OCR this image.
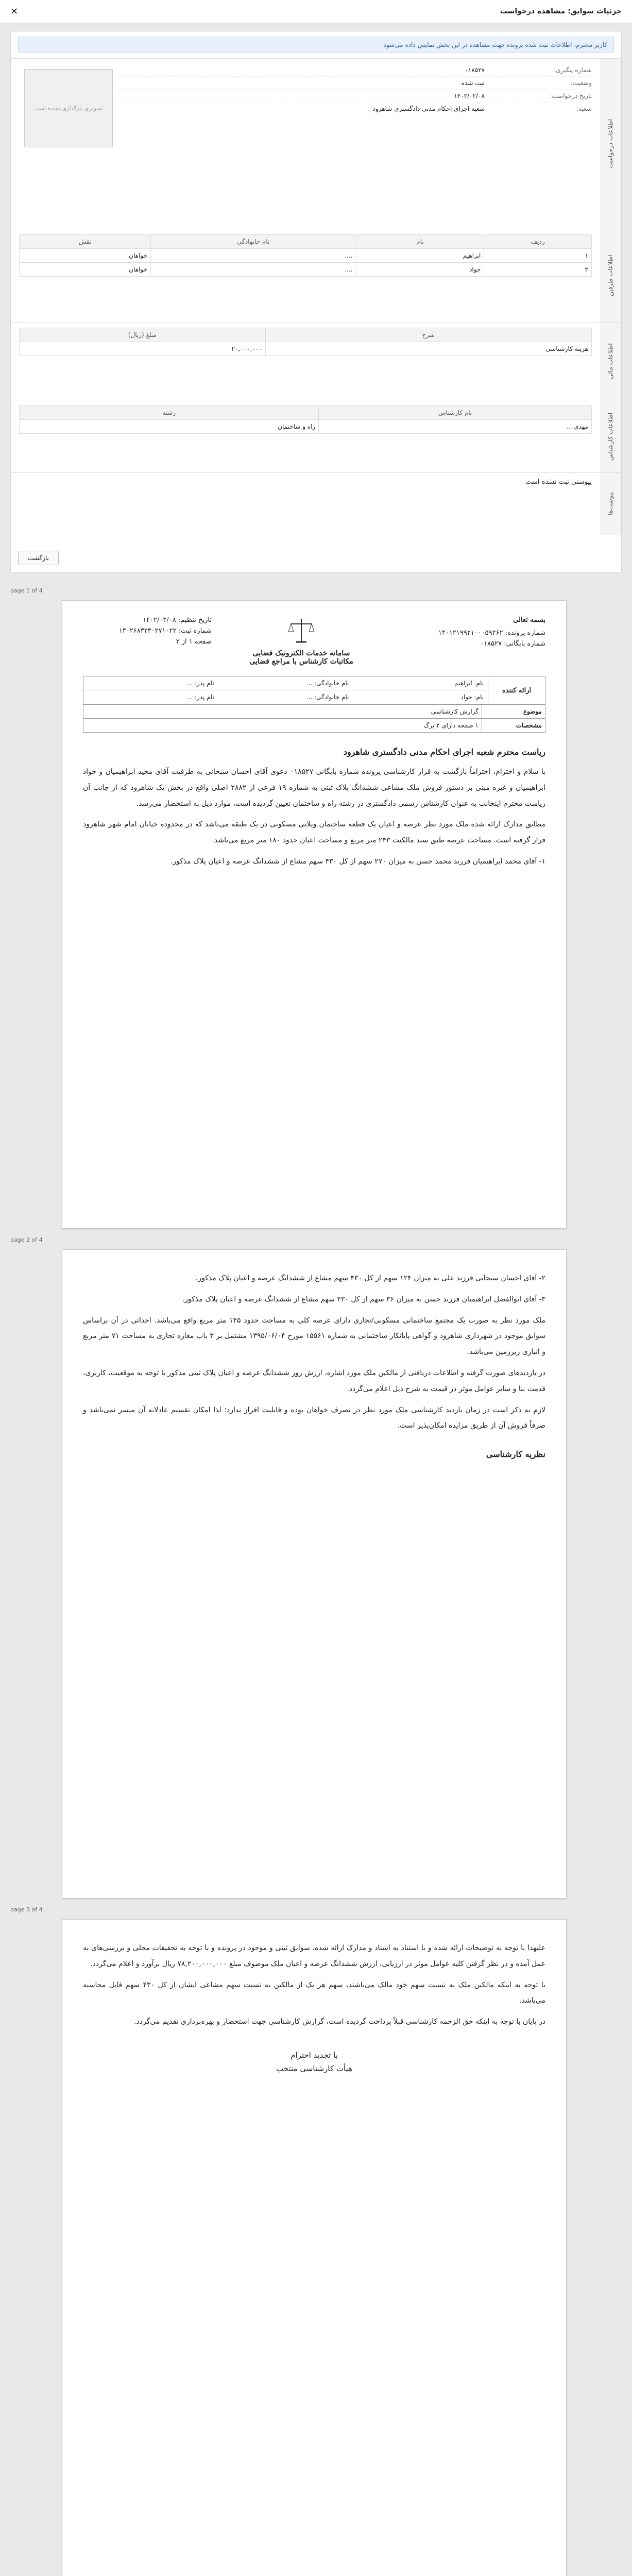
جزئیات سوابق: مشاهده درخواست
✕
کاربر محترم، اطلاعات ثبت شده پرونده جهت مشاهده در این بخش نمایش داده می‌شود
اطلاعات درخواست
تصویری بارگذاری نشده است
شماره پیگیری:
۰۱۸۵۲۷
وضعیت:
ثبت شده
تاریخ درخواست:
۱۴۰۲/۰۲/۰۸
شعبه:
شعبه اجرای احکام مدنی دادگستری شاهرود
اطلاعات طرفین
ردیف	نام	نام خانوادگی	نقش
۱	ابراهیم	....	خواهان
۲	جواد	....	خواهان
اطلاعات مالی
شرح	مبلغ (ریال)
هزینه کارشناسی	۲۰,۰۰۰,۰۰۰
اطلاعات کارشناس
نام کارشناس	رشته
مهدی ...	راه و ساختمان
پیوست‌ها
پیوستی ثبت نشده است
بازگشت
page 1 of 4
بسمه تعالی
شماره پرونده: ۱۴۰۱۲۱۹۹۲۱۰۰۰۵۹۲۶۲
شماره بایگانی: ۰۱۸۵۲۷
سامانه خدمات الکترونیک قضایی
مکاتبات کارشناس با مراجع قضایی
تاریخ تنظیم: ۱۴۰۲/۰۳/۰۸
شماره ثبت: ۱۴۰۲۶۸۳۳۳۰۲۷۱۰۲۲
صفحه ۱ از ۳
ارائه کننده
نام: ابراهیم
نام خانوادگی: ...
نام پدر: ...
نام: جواد
نام خانوادگی: ...
نام پدر: ...
موضوع
گزارش کارشناسی
مشخصات
۱ صفحه دارای ۲ برگ
ریاست محترم شعبه اجرای احکام مدنی دادگستری شاهرود

با سلام و احترام، احتراماً بازگشت به قرار کارشناسی پرونده شماره بایگانی ۰۱۸۵۲۷ دعوی آقای احسان سبحانی به طرفیت آقای مجید ابراهیمیان و جواد ابراهیمیان و غیره مبنی بر دستور فروش ملک مشاعی ششدانگ پلاک ثبتی به شماره ۱۹ فرعی از ۲۸۸۲ اصلی واقع در بخش یک شاهرود که از جانب آن ریاست محترم اینجانب به عنوان کارشناس رسمی دادگستری در رشته راه و ساختمان تعیین گردیده است، موارد ذیل به استحضار می‌رسد.

مطابق مدارک ارائه شده ملک مورد نظر عرصه و اعیان یک قطعه ساختمان ویلایی مسکونی در یک طبقه می‌باشد که در محدوده خیابان امام شهر شاهرود قرار گرفته است. مساحت عرصه طبق سند مالکیت ۲۴۳ متر مربع و مساحت اعیان حدود ۱۸۰ متر مربع می‌باشد.

۱- آقای محمد ابراهیمیان فرزند محمد حسن به میزان ۲۷۰ سهم از کل ۴۳۰ سهم مشاع از ششدانگ عرصه و اعیان پلاک مذکور.

page 2 of 4

۲- آقای احسان سبحانی فرزند علی به میزان ۱۲۴ سهم از کل ۴۳۰ سهم مشاع از ششدانگ عرصه و اعیان پلاک مذکور.

۳- آقای ابوالفضل ابراهیمیان فرزند حسن به میزان ۳۶ سهم از کل ۴۳۰ سهم مشاع از ششدانگ عرصه و اعیان پلاک مذکور.

ملک مورد نظر به صورت یک مجتمع ساختمانی مسکونی/تجاری دارای عرصه کلی به مساحت حدود ۱۴۵ متر مربع واقع می‌باشد. احداثی در آن براساس سوابق موجود در شهرداری شاهرود و گواهی پایانکار ساختمانی به شماره ۱۵۵۶۱ مورخ ۱۳۹۵/۰۶/۰۴ مشتمل بر ۳ باب مغازه تجاری به مساحت ۷۱ متر مربع و انباری زیرزمین می‌باشد.

در بازدیدهای صورت گرفته و اطلاعات دریافتی از مالکین ملک مورد اشاره، ارزش روز ششدانگ عرصه و اعیان پلاک ثبتی مذکور با توجه به موقعیت، کاربری، قدمت بنا و سایر عوامل موثر در قیمت به شرح ذیل اعلام می‌گردد.

لازم به ذکر است در زمان بازدید کارشناسی ملک مورد نظر در تصرف خواهان بوده و قابلیت افراز ندارد؛ لذا امکان تقسیم عادلانه آن میسر نمی‌باشد و صرفاً فروش آن از طریق مزایده امکان‌پذیر است.

نظریه کارشناسی
page 3 of 4

علیهذا با توجه به توضیحات ارائه شده و با استناد به اسناد و مدارک ارائه شده، سوابق ثبتی و موجود در پرونده و با توجه به تحقیقات محلی و بررسی‌های به عمل آمده و در نظر گرفتن کلیه عوامل موثر در ارزیابی، ارزش ششدانگ عرصه و اعیان ملک موصوف مبلغ ۷۸,۲۰۰,۰۰۰,۰۰۰ ریال برآورد و اعلام می‌گردد.

با توجه به اینکه مالکین ملک به نسبت سهم خود مالک می‌باشند، سهم هر یک از مالکین به نسبت سهم مشاعی ایشان از کل ۴۳۰ سهم قابل محاسبه می‌باشد.

در پایان با توجه به اینکه حق الزحمه کارشناسی قبلاً پرداخت گردیده است، گزارش کارشناسی جهت استحضار و بهره‌برداری تقدیم می‌گردد.

با تجدید احترام
هیأت کارشناسی منتخب
